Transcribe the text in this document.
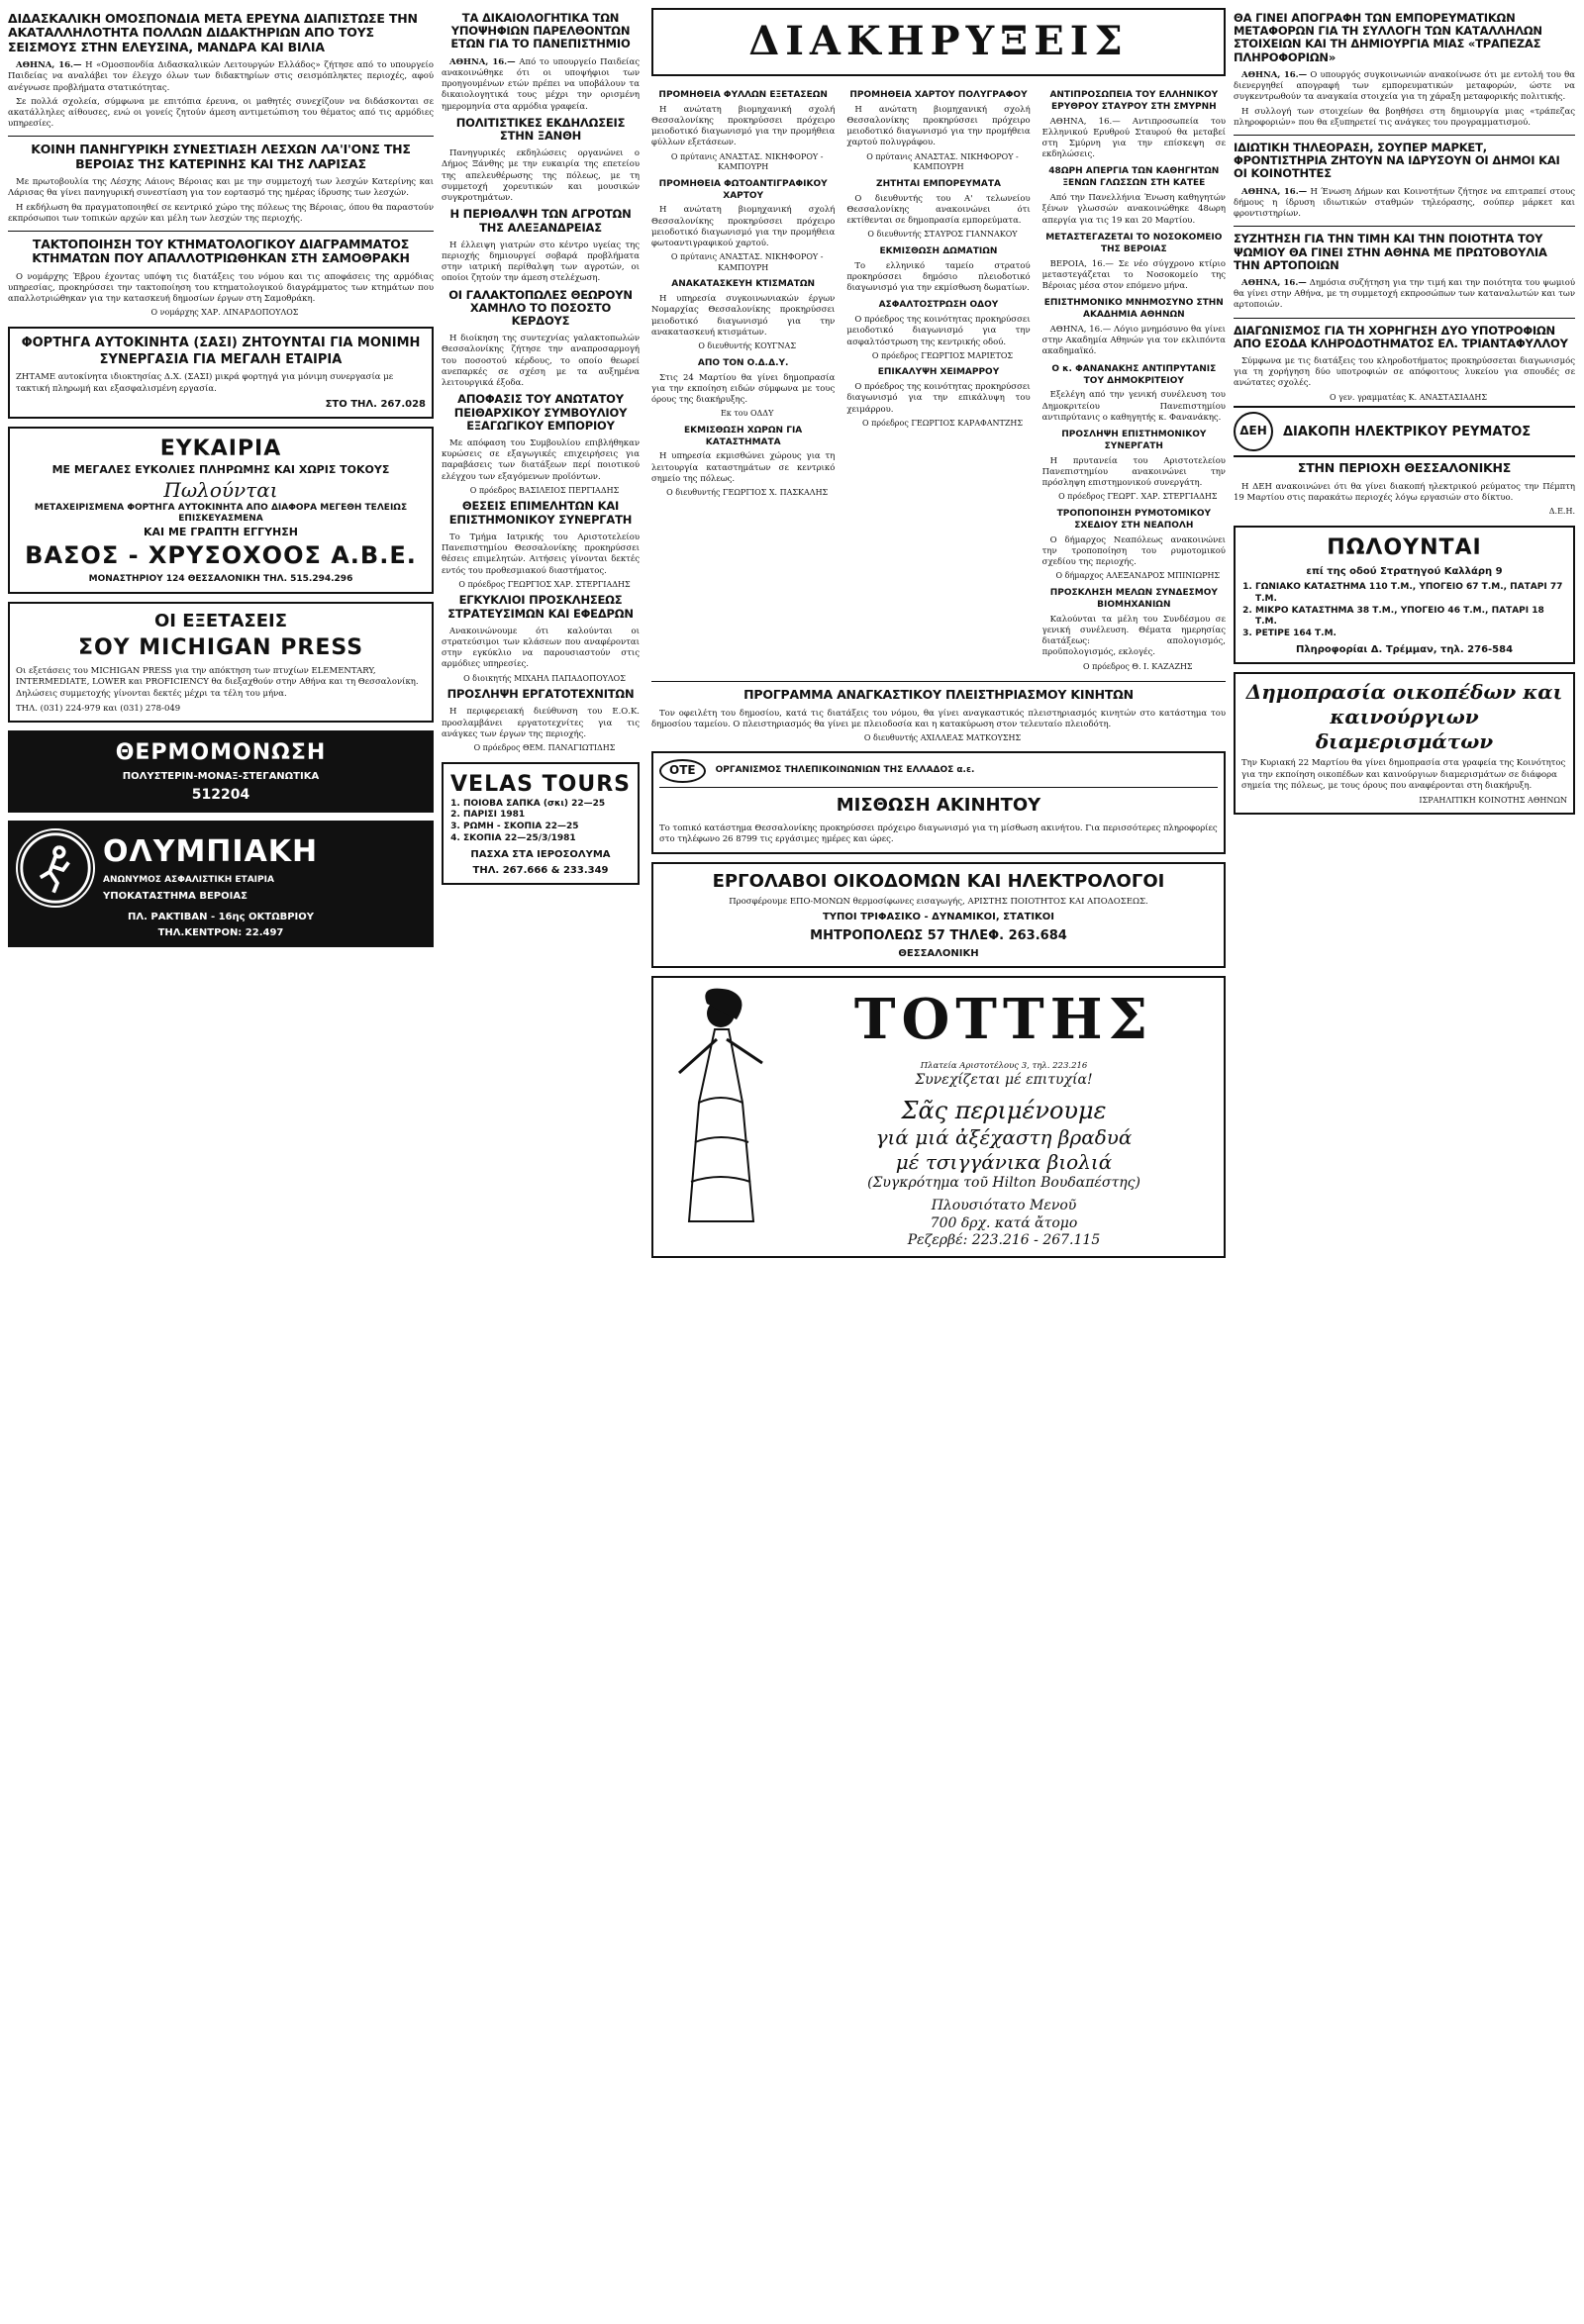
ΔΙΔΑΣΚΑΛΙΚΗ ΟΜΟΣΠΟΝΔΙΑ ΜΕΤΑ ΕΡΕΥΝΑ ΔΙΑΠΙΣΤΩΣΕ ΤΗΝ ΑΚΑΤΑΛΛΗΛΟΤΗΤΑ ΠΟΛΛΩΝ ΔΙΔΑΚΤΗΡΙΩΝ ΑΠΟ ΤΟΥΣ ΣΕΙΣΜΟΥΣ ΣΤΗΝ ΕΛΕΥΣΙΝΑ, ΜΑΝΔΡΑ ΚΑΙ ΒΙΛΙΑ

ΑΘΗΝΑ, 16.— Η «Ομοσπονδία Διδασκαλικών Λειτουργών Ελλάδος» ζήτησε από το υπουργείο Παιδείας να αναλάβει τον έλεγχο όλων των διδακτηρίων στις σεισμόπληκτες περιοχές, αφού ανέγνωσε προβλήματα στατικότητας.

Σε πολλά σχολεία, σύμφωνα με επιτόπια έρευνα, οι μαθητές συνεχίζουν να διδάσκονται σε ακατάλληλες αίθουσες, ενώ οι γονείς ζητούν άμεση αντιμετώπιση του θέματος από τις αρμόδιες υπηρεσίες.

ΚΟΙΝΗ ΠΑΝΗΓΥΡΙΚΗ ΣΥΝΕΣΤΙΑΣΗ ΛΕΣΧΩΝ ΛΑ'Ι'ΟΝΣ ΤΗΣ ΒΕΡΟΙΑΣ ΤΗΣ ΚΑΤΕΡΙΝΗΣ ΚΑΙ ΤΗΣ ΛΑΡΙΣΑΣ

Με πρωτοβουλία της Λέσχης Λάιονς Βέροιας και με την συμμετοχή των λεσχών Κατερίνης και Λάρισας θα γίνει πανηγυρική συνεστίαση για τον εορτασμό της ημέρας ίδρυσης των λεσχών.

Η εκδήλωση θα πραγματοποιηθεί σε κεντρικό χώρο της πόλεως της Βέροιας, όπου θα παραστούν εκπρόσωποι των τοπικών αρχών και μέλη των λεσχών της περιοχής.

ΤΑΚΤΟΠΟΙΗΣΗ ΤΟΥ ΚΤΗΜΑΤΟΛΟΓΙΚΟΥ ΔΙΑΓΡΑΜΜΑΤΟΣ ΚΤΗΜΑΤΩΝ ΠΟΥ ΑΠΑΛΛΟΤΡΙΩΘΗΚΑΝ ΣΤΗ ΣΑΜΟΘΡΑΚΗ

Ο νομάρχης Έβρου έχοντας υπόψη τις διατάξεις του νόμου και τις αποφάσεις της αρμόδιας υπηρεσίας, προκηρύσσει την τακτοποίηση του κτηματολογικού διαγράμματος των κτημάτων που απαλλοτριώθηκαν για την κατασκευή δημοσίων έργων στη Σαμοθράκη.

Ο νομάρχης ΧΑΡ. ΛΙΝΑΡΔΟΠΟΥΛΟΣ

ΦΟΡΤΗΓΑ ΑΥΤΟΚΙΝΗΤΑ (ΣΑΣΙ) ΖΗΤΟΥΝΤΑΙ ΓΙΑ ΜΟΝΙΜΗ ΣΥΝΕΡΓΑΣΙΑ ΓΙΑ ΜΕΓΑΛΗ ΕΤΑΙΡΙΑ
ΖΗΤΑΜΕ αυτοκίνητα ιδιοκτησίας Δ.Χ. (ΣΑΣΙ) μικρά φορτηγά για μόνιμη συνεργασία με τακτική πληρωμή και εξασφαλισμένη εργασία.
ΣΤΟ ΤΗΛ. 267.028
ΕΥΚΑΙΡΙΑ
ΜΕ ΜΕΓΑΛΕΣ ΕΥΚΟΛΙΕΣ ΠΛΗΡΩΜΗΣ ΚΑΙ ΧΩΡΙΣ ΤΟΚΟΥΣ
Πωλούνται
ΜΕΤΑΧΕΙΡΙΣΜΕΝΑ ΦΟΡΤΗΓΑ ΑΥΤΟΚΙΝΗΤΑ ΑΠΟ ΔΙΑΦΟΡΑ ΜΕΓΕΘΗ ΤΕΛΕΙΩΣ ΕΠΙΣΚΕΥΑΣΜΕΝΑ
ΚΑΙ ΜΕ ΓΡΑΠΤΗ ΕΓΓΥΗΣΗ
ΒΑΣΟΣ - ΧΡΥΣΟΧΟΟΣ Α.Β.Ε.
ΜΟΝΑΣΤΗΡΙΟΥ 124 ΘΕΣΣΑΛΟΝΙΚΗ ΤΗΛ. 515.294.296
ΟΙ ΕΞΕΤΑΣΕΙΣ
ΣΟΥ MICHIGAN PRESS
Οι εξετάσεις του MICHIGAN PRESS για την απόκτηση των πτυχίων ELEMENTARY, INTERMEDIATE, LOWER και PROFICIENCY θα διεξαχθούν στην Αθήνα και τη Θεσσαλονίκη. Δηλώσεις συμμετοχής γίνονται δεκτές μέχρι τα τέλη του μήνα.
ΤΗΛ. (031) 224-979 και (031) 278-049
ΘΕΡΜΟΜΟΝΩΣΗ
ΠΟΛΥΣΤΕΡΙΝ-ΜΟΝΑΞ-ΣΤΕΓΑΝΩΤΙΚΑ
512204
ΟΛΥΜΠΙΑΚΗ
ΑΝΩΝΥΜΟΣ ΑΣΦΑΛΙΣΤΙΚΗ ΕΤΑΙΡΙΑ
ΥΠΟΚΑΤΑΣΤΗΜΑ ΒΕΡΟΙΑΣ
ΠΛ. ΡΑΚΤΙΒΑΝ - 16ης ΟΚΤΩΒΡΙΟΥ
ΤΗΛ.ΚΕΝΤΡΟΝ: 22.497
ΤΑ ΔΙΚΑΙΟΛΟΓΗΤΙΚΑ ΤΩΝ ΥΠΟΨΗΦΙΩΝ ΠΑΡΕΛΘΟΝΤΩΝ ΕΤΩΝ ΓΙΑ ΤΟ ΠΑΝΕΠΙΣΤΗΜΙΟ

ΑΘΗΝΑ, 16.— Από το υπουργείο Παιδείας ανακοινώθηκε ότι οι υποψήφιοι των προηγουμένων ετών πρέπει να υποβάλουν τα δικαιολογητικά τους μέχρι την ορισμένη ημερομηνία στα αρμόδια γραφεία.

ΠΟΛΙΤΙΣΤΙΚΕΣ ΕΚΔΗΛΩΣΕΙΣ ΣΤΗΝ ΞΑΝΘΗ

Πανηγυρικές εκδηλώσεις οργανώνει ο Δήμος Ξάνθης με την ευκαιρία της επετείου της απελευθέρωσης της πόλεως, με τη συμμετοχή χορευτικών και μουσικών συγκροτημάτων.

Η ΠΕΡΙΘΑΛΨΗ ΤΩΝ ΑΓΡΟΤΩΝ ΤΗΣ ΑΛΕΞΑΝΔΡΕΙΑΣ

Η έλλειψη γιατρών στο κέντρο υγείας της περιοχής δημιουργεί σοβαρά προβλήματα στην ιατρική περίθαλψη των αγροτών, οι οποίοι ζητούν την άμεση στελέχωση.

ΟΙ ΓΑΛΑΚΤΟΠΩΛΕΣ ΘΕΩΡΟΥΝ ΧΑΜΗΛΟ ΤΟ ΠΟΣΟΣΤΟ ΚΕΡΔΟΥΣ

Η διοίκηση της συντεχνίας γαλακτοπωλών Θεσσαλονίκης ζήτησε την αναπροσαρμογή του ποσοστού κέρδους, το οποίο θεωρεί ανεπαρκές σε σχέση με τα αυξημένα λειτουργικά έξοδα.

ΑΠΟΦΑΣΙΣ ΤΟΥ ΑΝΩΤΑΤΟΥ ΠΕΙΘΑΡΧΙΚΟΥ ΣΥΜΒΟΥΛΙΟΥ ΕΞΑΓΩΓΙΚΟΥ ΕΜΠΟΡΙΟΥ

Με απόφαση του Συμβουλίου επιβλήθηκαν κυρώσεις σε εξαγωγικές επιχειρήσεις για παραβάσεις των διατάξεων περί ποιοτικού ελέγχου των εξαγόμενων προϊόντων.

Ο πρόεδρος ΒΑΣΙΛΕΙΟΣ ΠΕΡΓΙΑΔΗΣ

ΘΕΣΕΙΣ ΕΠΙΜΕΛΗΤΩΝ ΚΑΙ ΕΠΙΣΤΗΜΟΝΙΚΟΥ ΣΥΝΕΡΓΑΤΗ

Το Τμήμα Ιατρικής του Αριστοτελείου Πανεπιστημίου Θεσσαλονίκης προκηρύσσει θέσεις επιμελητών. Αιτήσεις γίνονται δεκτές εντός του προθεσμιακού διαστήματος.

Ο πρόεδρος ΓΕΩΡΓΙΟΣ ΧΑΡ. ΣΤΕΡΓΙΑΔΗΣ

ΕΓΚΥΚΛΙΟΙ ΠΡΟΣΚΛΗΣΕΩΣ ΣΤΡΑΤΕΥΣΙΜΩΝ ΚΑΙ ΕΦΕΔΡΩΝ

Ανακοινώνουμε ότι καλούνται οι στρατεύσιμοι των κλάσεων που αναφέρονται στην εγκύκλιο να παρουσιαστούν στις αρμόδιες υπηρεσίες.

Ο διοικητής ΜΙΧΑΗΛ ΠΑΠΑΔΟΠΟΥΛΟΣ

ΠΡΟΣΛΗΨΗ ΕΡΓΑΤΟΤΕΧΝΙΤΩΝ

Η περιφερειακή διεύθυνση του Ε.Ο.Κ. προσλαμβάνει εργατοτεχνίτες για τις ανάγκες των έργων της περιοχής.

Ο πρόεδρος ΘΕΜ. ΠΑΝΑΓΙΩΤΙΔΗΣ

VELAS TOURS
1. ΠΟΙΟΒΑ ΣΑΠΚΑ (σκι) 22—25
2. ΠΑΡΙΣΙ 1981
3. ΡΩΜΗ - ΣΚΟΠΙΑ 22—25
4. ΣΚΟΠΙΑ 22—25/3/1981
ΠΑΣΧΑ ΣΤΑ ΙΕΡΟΣΟΛΥΜΑ
ΤΗΛ. 267.666 & 233.349
ΔΙΑΚΗΡΥΞΕΙΣ
ΠΡΟΜΗΘΕΙΑ ΦΥΛΛΩΝ ΕΞΕΤΑΣΕΩΝ

Η ανώτατη βιομηχανική σχολή Θεσσαλονίκης προκηρύσσει πρόχειρο μειοδοτικό διαγωνισμό για την προμήθεια φύλλων εξετάσεων.

Ο πρύτανις ΑΝΑΣΤΑΣ. ΝΙΚΗΦΟΡΟΥ - ΚΑΜΠΟΥΡΗ

ΠΡΟΜΗΘΕΙΑ ΦΩΤΟΑΝΤΙΓΡΑΦΙΚΟΥ ΧΑΡΤΟΥ

Η ανώτατη βιομηχανική σχολή Θεσσαλονίκης προκηρύσσει πρόχειρο μειοδοτικό διαγωνισμό για την προμήθεια φωτοαντιγραφικού χαρτού.

Ο πρύτανις ΑΝΑΣΤΑΣ. ΝΙΚΗΦΟΡΟΥ - ΚΑΜΠΟΥΡΗ

ΑΝΑΚΑΤΑΣΚΕΥΗ ΚΤΙΣΜΑΤΩΝ

Η υπηρεσία συγκοινωνιακών έργων Νομαρχίας Θεσσαλονίκης προκηρύσσει μειοδοτικό διαγωνισμό για την ανακατασκευή κτισμάτων.

Ο διευθυντής ΚΟΥΓΝΑΣ

ΑΠΟ ΤΟΝ Ο.Δ.Δ.Υ.

Στις 24 Μαρτίου θα γίνει δημοπρασία για την εκποίηση ειδών σύμφωνα με τους όρους της διακήρυξης.

Εκ του ΟΔΔΥ

ΕΚΜΙΣΘΩΣΗ ΧΩΡΩΝ ΓΙΑ ΚΑΤΑΣΤΗΜΑΤΑ

Η υπηρεσία εκμισθώνει χώρους για τη λειτουργία καταστημάτων σε κεντρικό σημείο της πόλεως.

Ο διευθυντής ΓΕΩΡΓΙΟΣ Χ. ΠΑΣΚΑΛΗΣ

ΠΡΟΜΗΘΕΙΑ ΧΑΡΤΟΥ ΠΟΛΥΓΡΑΦΟΥ

Η ανώτατη βιομηχανική σχολή Θεσσαλονίκης προκηρύσσει πρόχειρο μειοδοτικό διαγωνισμό για την προμήθεια χαρτού πολυγράφου.

Ο πρύτανις ΑΝΑΣΤΑΣ. ΝΙΚΗΦΟΡΟΥ - ΚΑΜΠΟΥΡΗ

ΖΗΤΗΤΑΙ ΕΜΠΟΡΕΥΜΑΤΑ

Ο διευθυντής του Α' τελωνείου Θεσσαλονίκης ανακοινώνει ότι εκτίθενται σε δημοπρασία εμπορεύματα.

Ο διευθυντής ΣΤΑΥΡΟΣ ΓΙΑΝΝΑΚΟΥ

ΕΚΜΙΣΘΩΣΗ ΔΩΜΑΤΙΩΝ

Το ελληνικό ταμείο στρατού προκηρύσσει δημόσιο πλειοδοτικό διαγωνισμό για την εκμίσθωση δωματίων.

ΑΣΦΑΛΤΟΣΤΡΩΣΗ ΟΔΟΥ

Ο πρόεδρος της κοινότητας προκηρύσσει μειοδοτικό διαγωνισμό για την ασφαλτόστρωση της κεντρικής οδού.

Ο πρόεδρος ΓΕΩΡΓΙΟΣ ΜΑΡΙΕΤΟΣ

ΕΠΙΚΑΛΥΨΗ ΧΕΙΜΑΡΡΟΥ

Ο πρόεδρος της κοινότητας προκηρύσσει διαγωνισμό για την επικάλυψη του χειμάρρου.

Ο πρόεδρος ΓΕΩΡΓΙΟΣ ΚΑΡΑΦΑΝΤΖΗΣ

ΑΝΤΙΠΡΟΣΩΠΕΙΑ ΤΟΥ ΕΛΛΗΝΙΚΟΥ ΕΡΥΘΡΟΥ ΣΤΑΥΡΟΥ ΣΤΗ ΣΜΥΡΝΗ

ΑΘΗΝΑ, 16.— Αντιπροσωπεία του Ελληνικού Ερυθρού Σταυρού θα μεταβεί στη Σμύρνη για την επίσκεψη σε εκδηλώσεις.

48ΩΡΗ ΑΠΕΡΓΙΑ ΤΩΝ ΚΑΘΗΓΗΤΩΝ ΞΕΝΩΝ ΓΛΩΣΣΩΝ ΣΤΗ ΚΑΤΕΕ

Από την Πανελλήνια Ένωση καθηγητών ξένων γλωσσών ανακοινώθηκε 48ωρη απεργία για τις 19 και 20 Μαρτίου.

ΜΕΤΑΣΤΕΓΑΖΕΤΑΙ ΤΟ ΝΟΣΟΚΟΜΕΙΟ ΤΗΣ ΒΕΡΟΙΑΣ

ΒΕΡΟΙΑ, 16.— Σε νέο σύγχρονο κτίριο μεταστεγάζεται το Νοσοκομείο της Βέροιας μέσα στον επόμενο μήνα.

ΕΠΙΣΤΗΜΟΝΙΚΟ ΜΝΗΜΟΣΥΝΟ ΣΤΗΝ ΑΚΑΔΗΜΙΑ ΑΘΗΝΩΝ

ΑΘΗΝΑ, 16.— Λόγιο μνημόσυνο θα γίνει στην Ακαδημία Αθηνών για τον εκλιπόντα ακαδημαϊκό.

Ο κ. ΦΑΝΑΝΑΚΗΣ ΑΝΤΙΠΡΥΤΑΝΙΣ ΤΟΥ ΔΗΜΟΚΡΙΤΕΙΟΥ

Εξελέγη από την γενική συνέλευση του Δημοκριτείου Πανεπιστημίου αντιπρύτανις ο καθηγητής κ. Φανανάκης.

ΠΡΟΣΛΗΨΗ ΕΠΙΣΤΗΜΟΝΙΚΟΥ ΣΥΝΕΡΓΑΤΗ

Η πρυτανεία του Αριστοτελείου Πανεπιστημίου ανακοινώνει την πρόσληψη επιστημονικού συνεργάτη.

Ο πρόεδρος ΓΕΩΡΓ. ΧΑΡ. ΣΤΕΡΓΙΑΔΗΣ

ΤΡΟΠΟΠΟΙΗΣΗ ΡΥΜΟΤΟΜΙΚΟΥ ΣΧΕΔΙΟΥ ΣΤΗ ΝΕΑΠΟΛΗ

Ο δήμαρχος Νεαπόλεως ανακοινώνει την τροποποίηση του ρυμοτομικού σχεδίου της περιοχής.

Ο δήμαρχος ΑΛΕΞΑΝΔΡΟΣ ΜΠΙΝΙΩΡΗΣ

ΠΡΟΣΚΛΗΣΗ ΜΕΛΩΝ ΣΥΝΔΕΣΜΟΥ ΒΙΟΜΗΧΑΝΙΩΝ

Καλούνται τα μέλη του Συνδέσμου σε γενική συνέλευση. Θέματα ημερησίας διατάξεως: απολογισμός, προϋπολογισμός, εκλογές.

Ο πρόεδρος Θ. Ι. ΚΑΖΑΖΗΣ

ΠΡΟΓΡΑΜΜΑ ΑΝΑΓΚΑΣΤΙΚΟΥ ΠΛΕΙΣΤΗΡΙΑΣΜΟΥ ΚΙΝΗΤΩΝ

Τον οφειλέτη του δημοσίου, κατά τις διατάξεις του νόμου, θα γίνει αναγκαστικός πλειστηριασμός κινητών στο κατάστημα του δημοσίου ταμείου. Ο πλειστηριασμός θα γίνει με πλειοδοσία και η κατακύρωση στον τελευταίο πλειοδότη.

Ο διευθυντής ΑΧΙΛΛΕΑΣ ΜΑΤΚΟΥΣΗΣ

ΟΤΕ	ΟΡΓΑΝΙΣΜΟΣ ΤΗΛΕΠΙΚΟΙΝΩΝΙΩΝ ΤΗΣ ΕΛΛΑΔΟΣ α.ε.
ΜΙΣΘΩΣΗ ΑΚΙΝΗΤΟΥ
Το τοπικό κατάστημα Θεσσαλονίκης προκηρύσσει πρόχειρο διαγωνισμό για τη μίσθωση ακινήτου. Για περισσότερες πληροφορίες στο τηλέφωνο 26 8799 τις εργάσιμες ημέρες και ώρες.
ΕΡΓΟΛΑΒΟΙ ΟΙΚΟΔΟΜΩΝ ΚΑΙ ΗΛΕΚΤΡΟΛΟΓΟΙ
Προσφέρουμε ΕΠΟ-ΜΟΝΩΝ θερμοσίφωνες εισαγωγής, ΑΡΙΣΤΗΣ ΠΟΙΟΤΗΤΟΣ ΚΑΙ ΑΠΟΔΟΣΕΩΣ.
ΤΥΠΟΙ ΤΡΙΦΑΣΙΚΟ - ΔΥΝΑΜΙΚΟΙ, ΣΤΑΤΙΚΟΙ
ΜΗΤΡΟΠΟΛΕΩΣ 57 ΤΗΛΕΦ. 263.684
ΘΕΣΣΑΛΟΝΙΚΗ
ΤΟΤΤΗΣ
Πλατεία Αριστοτέλους 3, τηλ. 223.216
Συνεχίζεται μέ επιτυχία!
Σᾶς περιμένουμε
γιά μιά ἀξέχαστη βραδυά
μέ τσιγγάνικα βιολιά
(Συγκρότημα τοῦ Hilton Βουδαπέστης)
Πλουσιότατο Μενοῦ
700 δρχ. κατά ἄτομο
Ρεζερβέ: 223.216 - 267.115
ΘΑ ΓΙΝΕΙ ΑΠΟΓΡΑΦΗ ΤΩΝ ΕΜΠΟΡΕΥΜΑΤΙΚΩΝ ΜΕΤΑΦΟΡΩΝ ΓΙΑ ΤΗ ΣΥΛΛΟΓΗ ΤΩΝ ΚΑΤΑΛΛΗΛΩΝ ΣΤΟΙΧΕΙΩΝ ΚΑΙ ΤΗ ΔΗΜΙΟΥΡΓΙΑ ΜΙΑΣ «ΤΡΑΠΕΖΑΣ ΠΛΗΡΟΦΟΡΙΩΝ»

ΑΘΗΝΑ, 16.— Ο υπουργός συγκοινωνιών ανακοίνωσε ότι με εντολή του θα διενεργηθεί απογραφή των εμπορευματικών μεταφορών, ώστε να συγκεντρωθούν τα αναγκαία στοιχεία για τη χάραξη μεταφορικής πολιτικής.

Η συλλογή των στοιχείων θα βοηθήσει στη δημιουργία μιας «τράπεζας πληροφοριών» που θα εξυπηρετεί τις ανάγκες του προγραμματισμού.

ΙΔΙΩΤΙΚΗ ΤΗΛΕΟΡΑΣΗ, ΣΟΥΠΕΡ ΜΑΡΚΕΤ, ΦΡΟΝΤΙΣΤΗΡΙΑ ΖΗΤΟΥΝ ΝΑ ΙΔΡΥΣΟΥΝ ΟΙ ΔΗΜΟΙ ΚΑΙ ΟΙ ΚΟΙΝΟΤΗΤΕΣ

ΑΘΗΝΑ, 16.— Η Ένωση Δήμων και Κοινοτήτων ζήτησε να επιτραπεί στους δήμους η ίδρυση ιδιωτικών σταθμών τηλεόρασης, σούπερ μάρκετ και φροντιστηρίων.

ΣΥΖΗΤΗΣΗ ΓΙΑ ΤΗΝ ΤΙΜΗ ΚΑΙ ΤΗΝ ΠΟΙΟΤΗΤΑ ΤΟΥ ΨΩΜΙΟΥ ΘΑ ΓΙΝΕΙ ΣΤΗΝ ΑΘΗΝΑ ΜΕ ΠΡΩΤΟΒΟΥΛΙΑ ΤΗΝ ΑΡΤΟΠΟΙΩΝ

ΑΘΗΝΑ, 16.— Δημόσια συζήτηση για την τιμή και την ποιότητα του ψωμιού θα γίνει στην Αθήνα, με τη συμμετοχή εκπροσώπων των καταναλωτών και των αρτοποιών.

ΔΙΑΓΩΝΙΣΜΟΣ ΓΙΑ ΤΗ ΧΟΡΗΓΗΣΗ ΔΥΟ ΥΠΟΤΡΟΦΙΩΝ ΑΠΟ ΕΣΟΔΑ ΚΛΗΡΟΔΟΤΗΜΑΤΟΣ ΕΛ. ΤΡΙΑΝΤΑΦΥΛΛΟΥ

Σύμφωνα με τις διατάξεις του κληροδοτήματος προκηρύσσεται διαγωνισμός για τη χορήγηση δύο υποτροφιών σε απόφοιτους λυκείου για σπουδές σε ανώτατες σχολές.

Ο γεν. γραμματέας Κ. ΑΝΑΣΤΑΣΙΑΔΗΣ

ΔΕΗ	ΔΙΑΚΟΠΗ ΗΛΕΚΤΡΙΚΟΥ ΡΕΥΜΑΤΟΣ
ΣΤΗΝ ΠΕΡΙΟΧΗ ΘΕΣΣΑΛΟΝΙΚΗΣ

Η ΔΕΗ ανακοινώνει ότι θα γίνει διακοπή ηλεκτρικού ρεύματος την Πέμπτη 19 Μαρτίου στις παρακάτω περιοχές λόγω εργασιών στο δίκτυο.

Δ.Ε.Η.

ΠΩΛΟΥΝΤΑΙ
επί της οδού Στρατηγού Καλλάρη 9
1. ΓΩΝΙΑΚΟ ΚΑΤΑΣΤΗΜΑ 110 Τ.Μ., ΥΠΟΓΕΙΟ 67 Τ.Μ., ΠΑΤΑΡΙ 77 Τ.Μ.
2. ΜΙΚΡΟ ΚΑΤΑΣΤΗΜΑ 38 Τ.Μ., ΥΠΟΓΕΙΟ 46 Τ.Μ., ΠΑΤΑΡΙ 18 Τ.Μ.
3. ΡΕΤΙΡΕ 164 Τ.Μ.
Πληροφορίαι Δ. Τρέμμαν, τηλ. 276-584
Δημοπρασία οικοπέδων και καινούργιων διαμερισμάτων
Την Κυριακή 22 Μαρτίου θα γίνει δημοπρασία στα γραφεία της Κοινότητος για την εκποίηση οικοπέδων και καινούργιων διαμερισμάτων σε διάφορα σημεία της πόλεως, με τους όρους που αναφέρονται στη διακήρυξη.
ΙΣΡΑΗΛΙΤΙΚΗ ΚΟΙΝΟΤΗΣ ΑΘΗΝΩΝ
